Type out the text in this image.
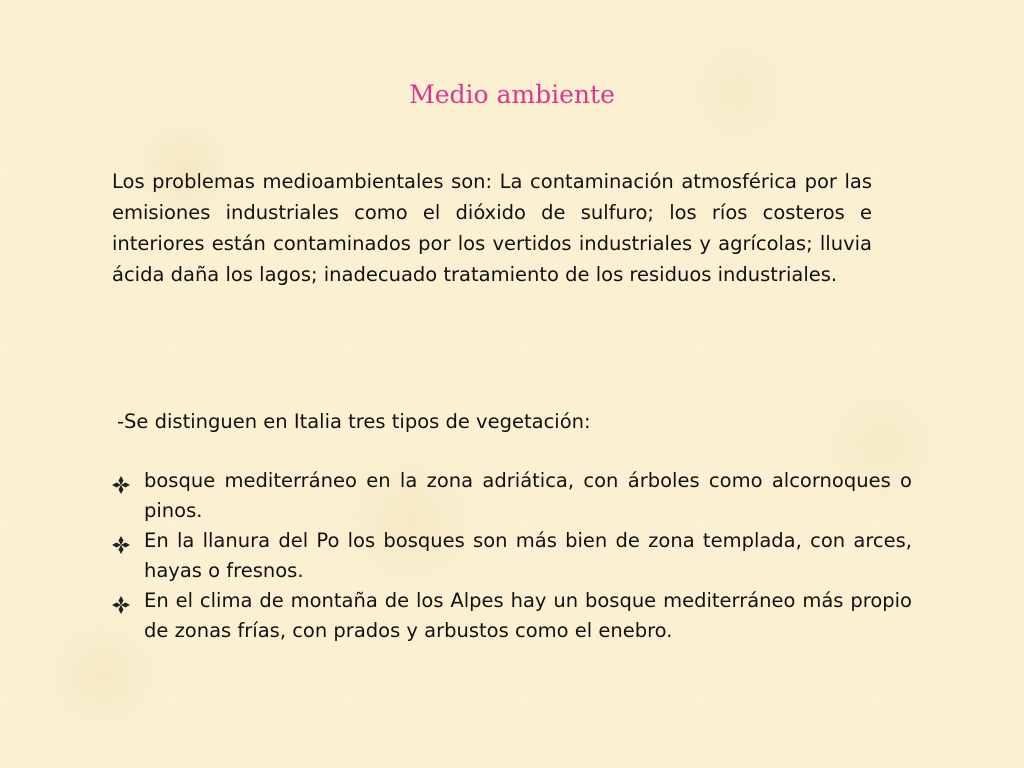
Medio ambiente

Los problemas medioambientales son: La contaminación atmosférica por las emisiones industriales como el dióxido de sulfuro; los ríos costeros e interiores están contaminados por los vertidos industriales y agrícolas; lluvia ácida daña los lagos; inadecuado tratamiento de los residuos industriales.

-Se distinguen en Italia tres tipos de vegetación:

bosque mediterráneo en la zona adriática, con árboles como alcornoques o pinos.
En la llanura del Po los bosques son más bien de zona templada, con arces, hayas o fresnos.
En el clima de montaña de los Alpes hay un bosque mediterráneo más propio de zonas frías, con prados y arbustos como el enebro.
